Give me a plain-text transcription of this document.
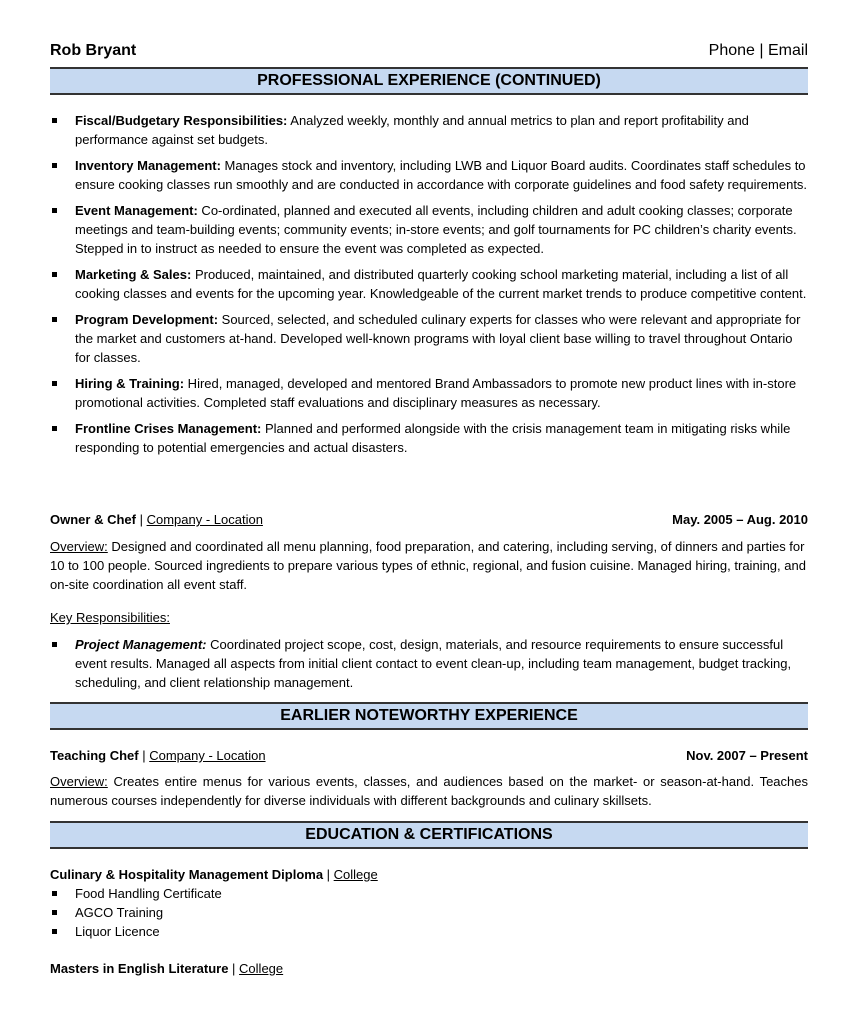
Rob Bryant	Phone | Email
PROFESSIONAL EXPERIENCE (CONTINUED)
Fiscal/Budgetary Responsibilities: Analyzed weekly, monthly and annual metrics to plan and report profitability and performance against set budgets.
Inventory Management: Manages stock and inventory, including LWB and Liquor Board audits. Coordinates staff schedules to ensure cooking classes run smoothly and are conducted in accordance with corporate guidelines and food safety requirements.
Event Management: Co-ordinated, planned and executed all events, including children and adult cooking classes; corporate meetings and team-building events; community events; in-store events; and golf tournaments for PC children’s charity events. Stepped in to instruct as needed to ensure the event was completed as expected.
Marketing & Sales: Produced, maintained, and distributed quarterly cooking school marketing material, including a list of all cooking classes and events for the upcoming year. Knowledgeable of the current market trends to produce competitive content.
Program Development: Sourced, selected, and scheduled culinary experts for classes who were relevant and appropriate for the market and customers at-hand. Developed well-known programs with loyal client base willing to travel throughout Ontario for classes.
Hiring & Training: Hired, managed, developed and mentored Brand Ambassadors to promote new product lines with in-store promotional activities. Completed staff evaluations and disciplinary measures as necessary.
Frontline Crises Management: Planned and performed alongside with the crisis management team in mitigating risks while responding to potential emergencies and actual disasters.
Owner & Chef | Company - Location	May. 2005 – Aug. 2010
Overview: Designed and coordinated all menu planning, food preparation, and catering, including serving, of dinners and parties for 10 to 100 people. Sourced ingredients to prepare various types of ethnic, regional, and fusion cuisine. Managed hiring, training, and on-site coordination all event staff.
Key Responsibilities:
Project Management: Coordinated project scope, cost, design, materials, and resource requirements to ensure successful event results. Managed all aspects from initial client contact to event clean-up, including team management, budget tracking, scheduling, and client relationship management.
EARLIER NOTEWORTHY EXPERIENCE
Teaching Chef | Company - Location	Nov. 2007 – Present
Overview: Creates entire menus for various events, classes, and audiences based on the market- or season-at-hand. Teaches numerous courses independently for diverse individuals with different backgrounds and culinary skillsets.
EDUCATION & CERTIFICATIONS
Culinary & Hospitality Management Diploma | College
Food Handling Certificate
AGCO Training
Liquor Licence
Masters in English Literature | College
